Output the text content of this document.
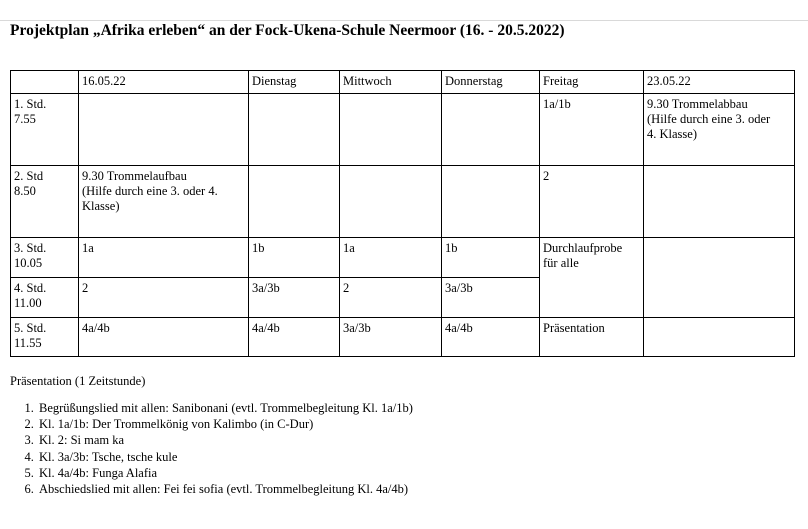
Projektplan „Afrika erleben“ an der Fock-Ukena-Schule Neermoor (16. - 20.5.2022)
	16.05.22	Dienstag	Mittwoch	Donnerstag	Freitag	23.05.22
1. Std.
7.55					1a/1b	9.30 Trommelabbau
(Hilfe durch eine 3. oder
4. Klasse)
2. Std
8.50	9.30 Trommelaufbau
(Hilfe durch eine 3. oder 4.
Klasse)				2	
3. Std.
10.05	1a	1b	1a	1b	Durchlaufprobe
für alle	
4. Std.
11.00	2	3a/3b	2	3a/3b		
5. Std.
11.55	4a/4b	4a/4b	3a/3b	4a/4b	Präsentation	
Präsentation (1 Zeitstunde)
1. Begrüßungslied mit allen: Sanibonani (evtl. Trommelbegleitung Kl. 1a/1b)
2. Kl. 1a/1b: Der Trommelkönig von Kalimbo (in C-Dur)
3. Kl. 2: Si mam ka
4. Kl. 3a/3b: Tsche, tsche kule
5. Kl. 4a/4b: Funga Alafia
6. Abschiedslied mit allen: Fei fei sofia (evtl. Trommelbegleitung Kl. 4a/4b)
